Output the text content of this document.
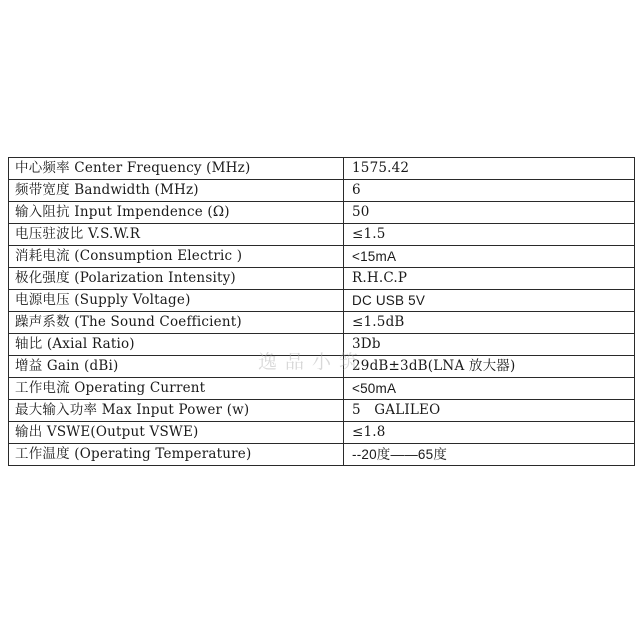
中心频率 Center Frequency (MHz)	1575.42
频带宽度 Bandwidth (MHz)	6
输入阻抗 Input Impendence (Ω)	50
电压驻波比 V.S.W.R	≤1.5
消耗电流 (Consumption Electric )	<15mA
极化强度 (Polarization Intensity)	R.H.C.P
电源电压 (Supply Voltage)	DC USB 5V
躁声系数 (The Sound Coefficient)	≤1.5dB
轴比 (Axial Ratio)	3Db
增益 Gain (dBi)	29dB±3dB(LNA 放大器)
工作电流 Operating Current	<50mA
最大输入功率 Max Input Power (w)	5   GALILEO
输出 VSWE(Output VSWE)	≤1.8
工作温度 (Operating Temperature)	--20度——65度
逸品小筑
